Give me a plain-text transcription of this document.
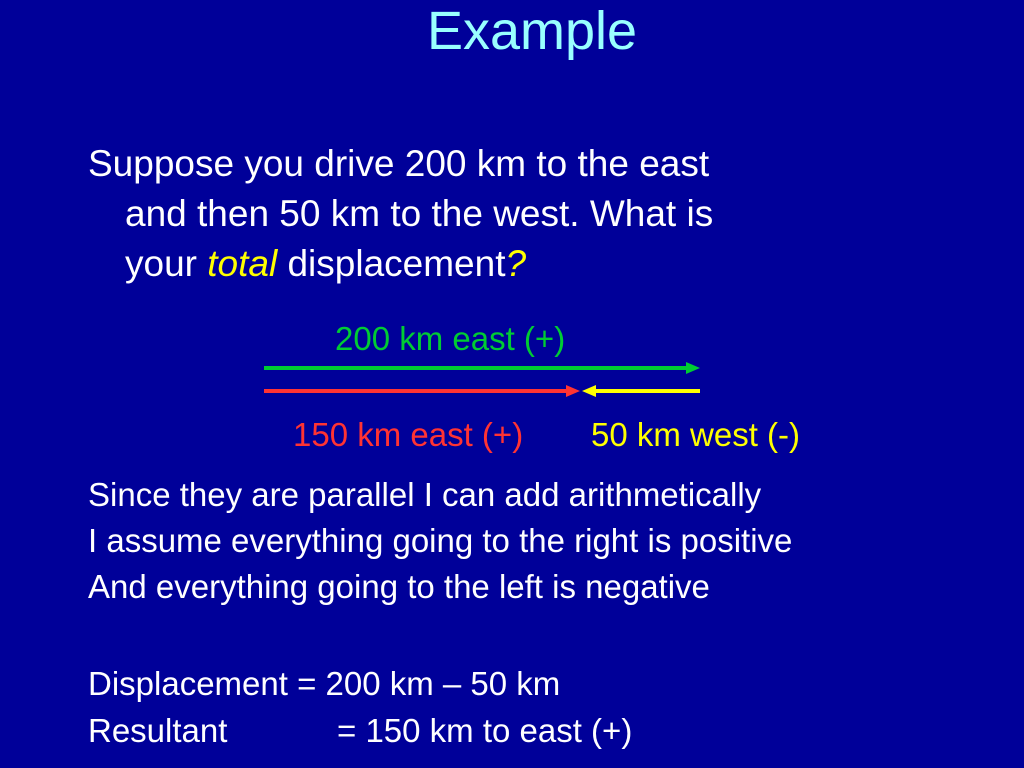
Example
Suppose you drive 200 km to the east
and then 50 km to the west. What is
your total displacement?
200 km east (+)
150 km east (+) 50 km west (-)
Since they are parallel I can add arithmetically
I assume everything going to the right is positive
And everything going to the left is negative
Displacement = 200 km – 50 km
Resultant	= 150 km to east (+)
